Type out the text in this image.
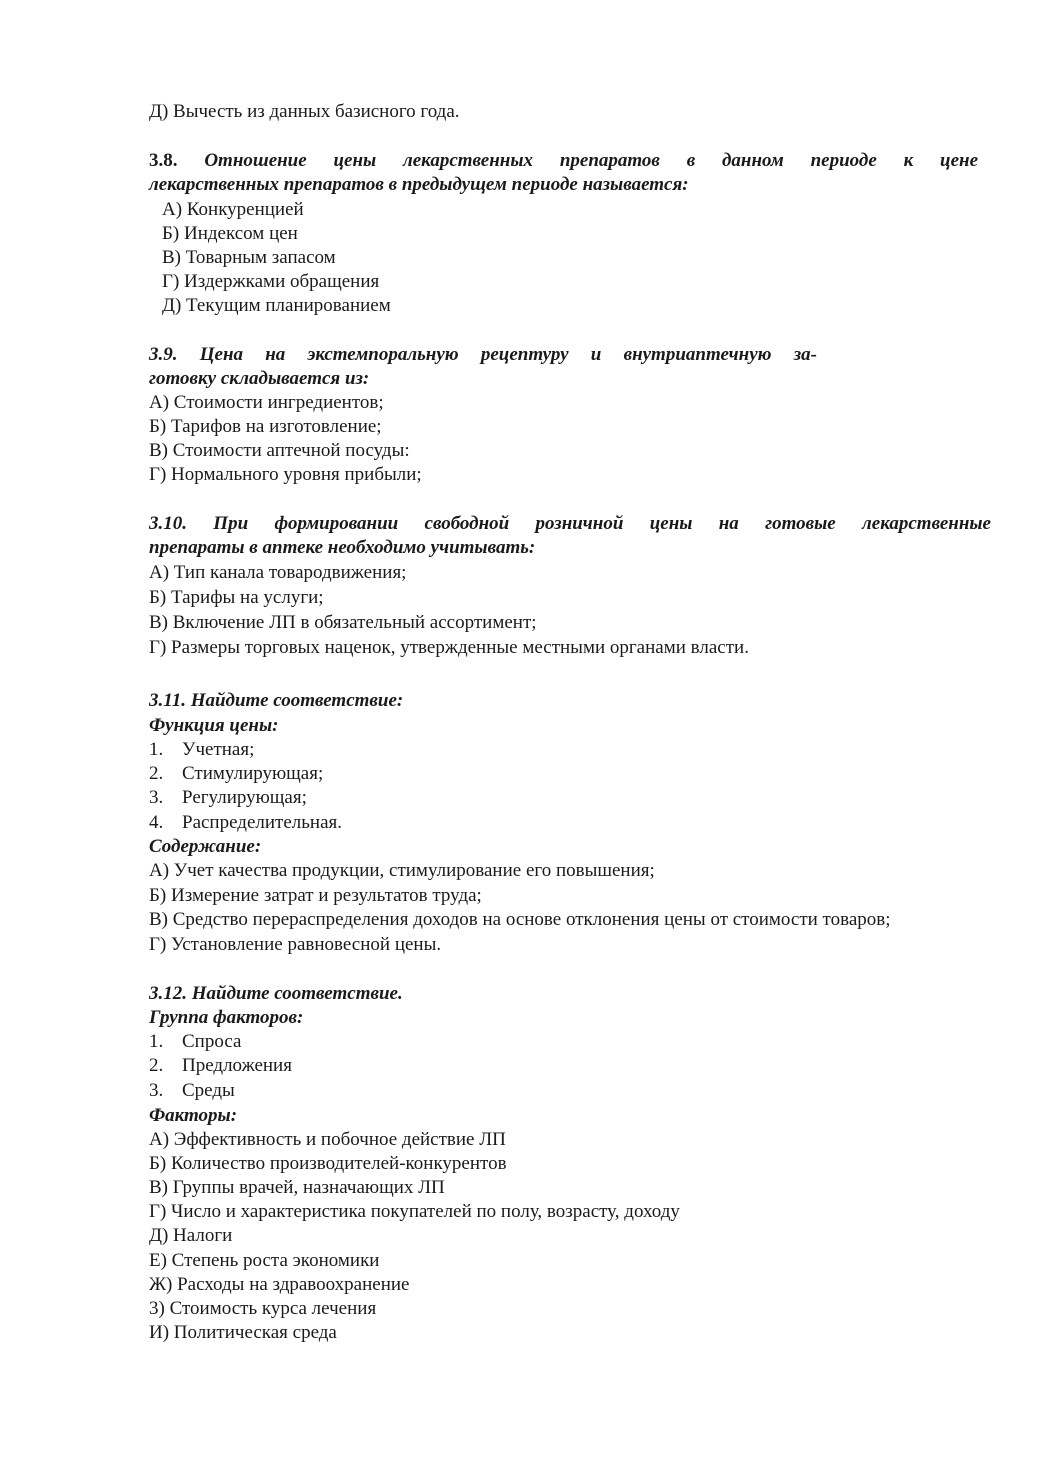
Д) Вычесть из данных базисного года.
3.8. Отношение цены лекарственных препаратов в данном периоде к цене
лекарственных препаратов в предыдущем периоде называется:
А) Конкуренцией
Б) Индексом цен
В) Товарным запасом
Г) Издержками обращения
Д) Текущим планированием
3.9. Цена на экстемпоральную рецептуру и внутриаптечную за-
готовку складывается из:
А) Стоимости ингредиентов;
Б) Тарифов на изготовление;
В) Стоимости аптечной посуды:
Г) Нормального уровня прибыли;
3.10. При формировании свободной розничной цены на готовые лекарственные
препараты в аптеке необходимо учитывать:
А) Тип канала товародвижения;
Б) Тарифы на услуги;
В) Включение ЛП в обязательный ассортимент;
Г) Размеры торговых наценок, утвержденные местными органами власти.
3.11. Найдите соответствие:
Функция цены:
1. Учетная;
2. Стимулирующая;
3. Регулирующая;
4. Распределительная.
Содержание:
А) Учет качества продукции, стимулирование его повышения;
Б) Измерение затрат и результатов труда;
В) Средство перераспределения доходов на основе отклонения цены от стоимости товаров;
Г) Установление равновесной цены.
3.12. Найдите соответствие.
Группа факторов:
1. Спроса
2. Предложения
3. Среды
Факторы:
А) Эффективность и побочное действие ЛП
Б) Количество производителей-конкурентов
В) Группы врачей, назначающих ЛП
Г) Число и характеристика покупателей по полу, возрасту, доходу
Д) Налоги
Е) Степень роста экономики
Ж) Расходы на здравоохранение
3) Стоимость курса лечения
И) Политическая среда
